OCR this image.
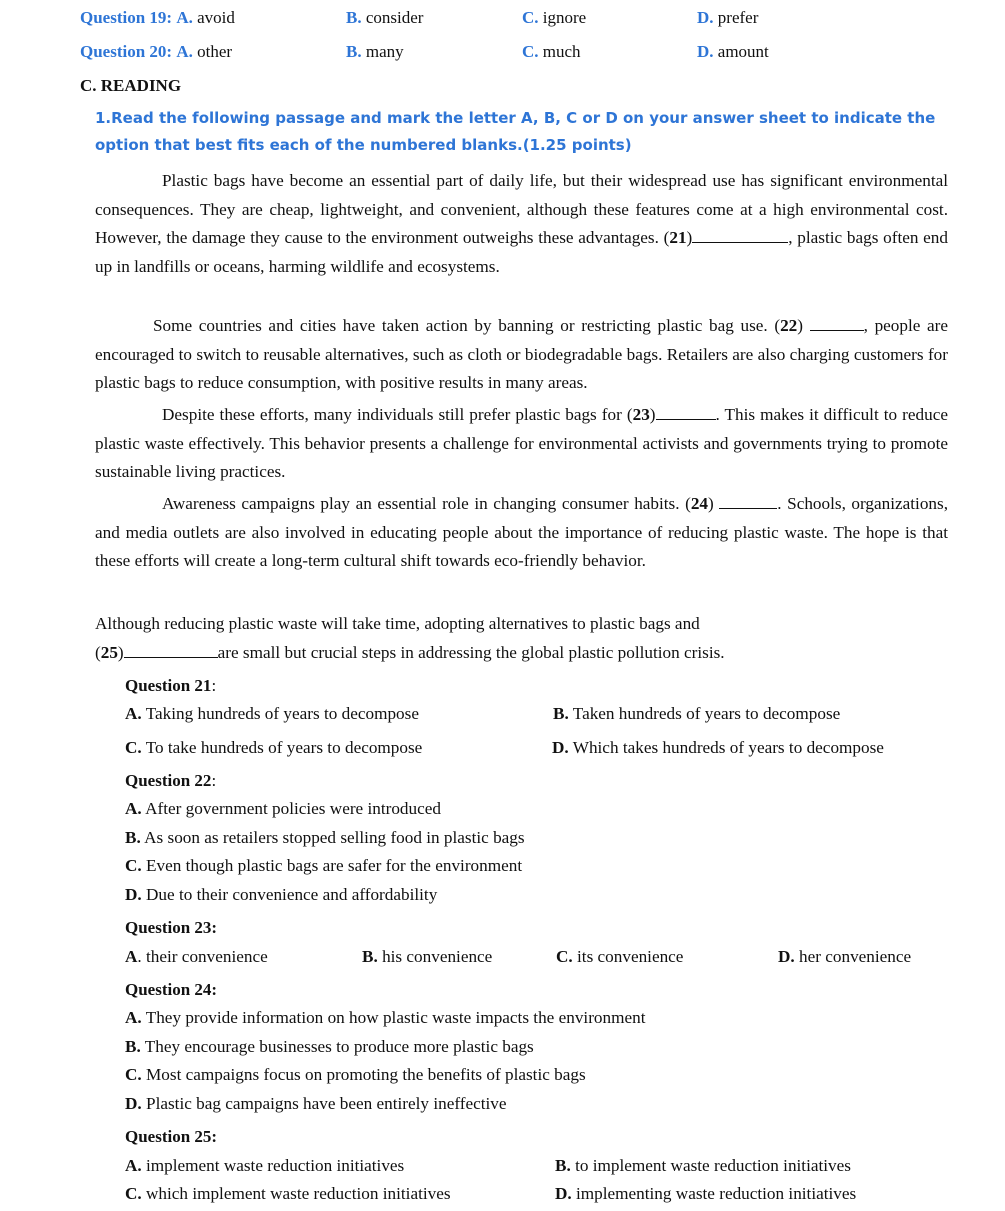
Question 19: A. avoid	B. consider	C. ignore	D. prefer
Question 20: A. other	B. many	C. much	D. amount
C. READING
1.Read the following passage and mark the letter A, B, C or D on your answer sheet to indicate the
option that best fits each of the numbered blanks.(1.25 points)

Plastic bags have become an essential part of daily life, but their widespread use has significant environmental consequences. They are cheap, lightweight, and convenient, although these features come at a high environmental cost. However, the damage they cause to the environment outweighs these advantages. (21)	, plastic bags often end up in landfills or oceans, harming wildlife and ecosystems.

Some countries and cities have taken action by banning or restricting plastic bag use. (22)	, people are encouraged to switch to reusable alternatives, such as cloth or biodegradable bags. Retailers are also charging customers for plastic bags to reduce consumption, with positive results in many areas.

Despite these efforts, many individuals still prefer plastic bags for (23)	. This makes it difficult to reduce plastic waste effectively. This behavior presents a challenge for environmental activists and governments trying to promote sustainable living practices.

Awareness campaigns play an essential role in changing consumer habits. (24)	. Schools, organizations, and media outlets are also involved in educating people about the importance of reducing plastic waste. The hope is that these efforts will create a long-term cultural shift towards eco-friendly behavior.

Although reducing plastic waste will take time, adopting alternatives to plastic bags and
(25)	are small but crucial steps in addressing the global plastic pollution crisis.
Question 21:
A. Taking hundreds of years to decompose	B. Taken hundreds of years to decompose
C. To take hundreds of years to decompose	D. Which takes hundreds of years to decompose
Question 22:
A. After government policies were introduced
B. As soon as retailers stopped selling food in plastic bags
C. Even though plastic bags are safer for the environment
D. Due to their convenience and affordability
Question 23:
A. their convenience	B. his convenience	C. its convenience	D. her convenience
Question 24:
A. They provide information on how plastic waste impacts the environment
B. They encourage businesses to produce more plastic bags
C. Most campaigns focus on promoting the benefits of plastic bags
D. Plastic bag campaigns have been entirely ineffective
Question 25:
A. implement waste reduction initiatives	B. to implement waste reduction initiatives
C. which implement waste reduction initiatives	D. implementing waste reduction initiatives
